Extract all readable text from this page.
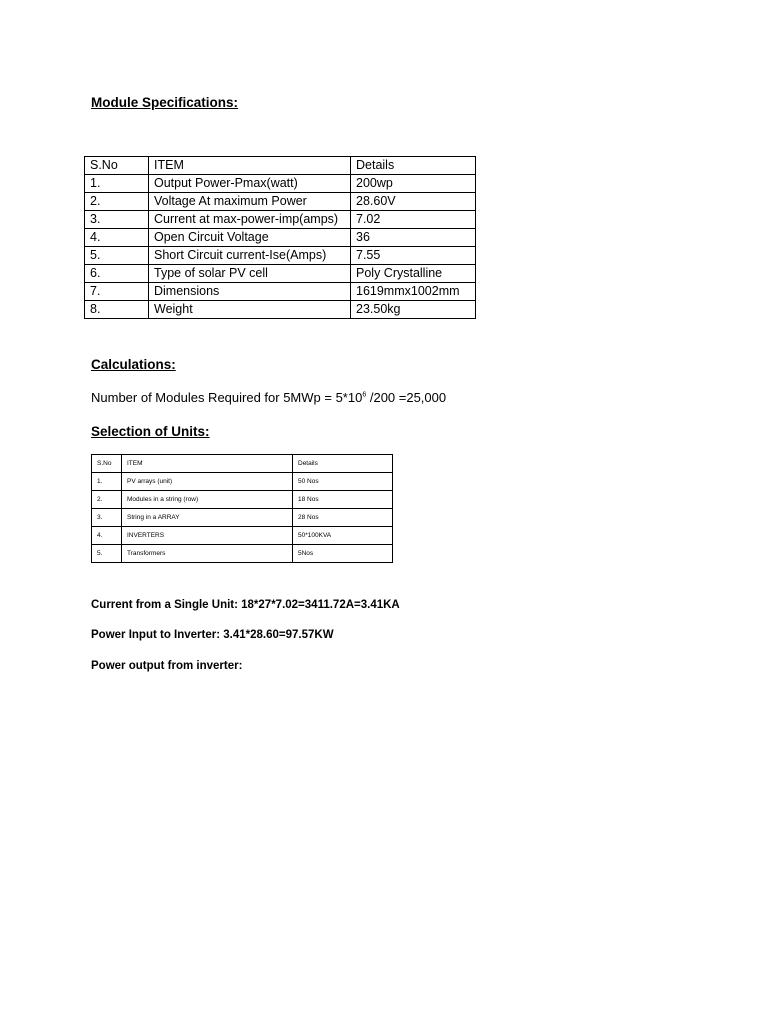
Module Specifications:
S.No	ITEM	Details
1.	Output Power-Pmax(watt)	200wp
2.	Voltage At maximum Power	28.60V
3.	Current at max-power-imp(amps)	7.02
4.	Open Circuit Voltage	36
5.	Short Circuit current-Ise(Amps)	7.55
6.	Type of solar PV cell	Poly Crystalline
7.	Dimensions	1619mmx1002mm
8.	Weight	23.50kg
Calculations:
Number of Modules Required for $5MWp = 5*10^6$ /200 =25,000
Selection of Units:
S.No	ITEM	Details
1.	PV arrays (unit)	50 Nos
2.	Modules in a string (row)	18 Nos
3.	String in a ARRAY	28 Nos
4.	INVERTERS	50*100KVA
5.	Transformers	5Nos
Current from a Single Unit: 18*27*7.02=3411.72A=3.41KA
Power Input to Inverter: 3.41*28.60=97.57KW
Power output from inverter:
